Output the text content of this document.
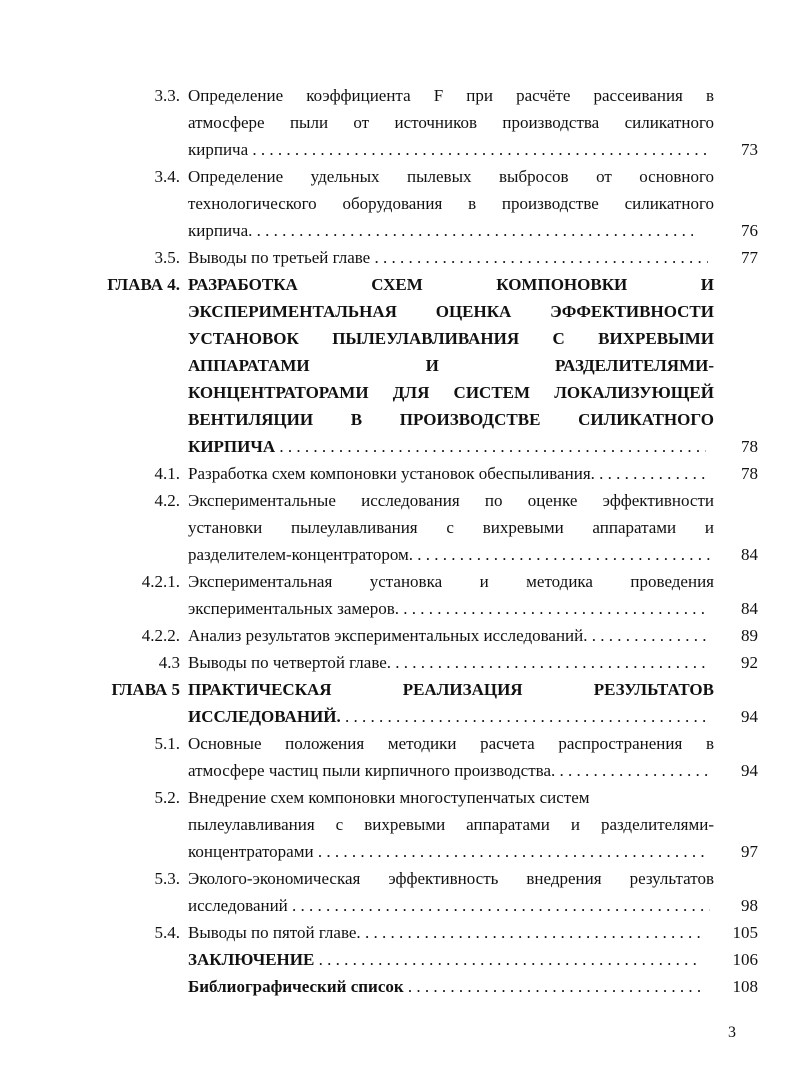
3.3. Определение коэффициента F при расчёте рассеивания в
атмосфере пыли от источников производства силикатного
кирпича . . .	73
3.4. Определение удельных пылевых выбросов от основного
технологического оборудования в производстве силикатного
кирпича. . . .	76
3.5. Выводы по третьей главе . . .	77
ГЛАВА 4. РАЗРАБОТКА СХЕМ КОМПОНОВКИ И
ЭКСПЕРИМЕНТАЛЬНАЯ ОЦЕНКА ЭФФЕКТИВНОСТИ
УСТАНОВОК ПЫЛЕУЛАВЛИВАНИЯ С ВИХРЕВЫМИ
АППАРАТАМИ И РАЗДЕЛИТЕЛЯМИ-
КОНЦЕНТРАТОРАМИ ДЛЯ СИСТЕМ ЛОКАЛИЗУЮЩЕЙ
ВЕНТИЛЯЦИИ В ПРОИЗВОДСТВЕ СИЛИКАТНОГО
КИРПИЧА . . .	78
4.1. Разработка схем компоновки установок обеспыливания. . . .	78
4.2. Экспериментальные исследования по оценке эффективности
установки пылеулавливания с вихревыми аппаратами и
разделителем-концентратором. . . .	84
4.2.1. Экспериментальная установка и методика проведения
экспериментальных замеров. . . .	84
4.2.2. Анализ результатов экспериментальных исследований. . . .	89
4.3 Выводы по четвертой главе. . . .	92
ГЛАВА 5 ПРАКТИЧЕСКАЯ РЕАЛИЗАЦИЯ РЕЗУЛЬТАТОВ
ИССЛЕДОВАНИЙ. . . .	94
5.1. Основные положения методики расчета распространения в
атмосфере частиц пыли кирпичного производства. . . .	94
5.2. Внедрение схем компоновки многоступенчатых систем
пылеулавливания с вихревыми аппаратами и разделителями-
концентраторами . . .	97
5.3. Эколого-экономическая эффективность внедрения результатов
исследований . . .	98
5.4. Выводы по пятой главе. . . .	105
ЗАКЛЮЧЕНИЕ . . .	106
Библиографический список . . .	108
3
